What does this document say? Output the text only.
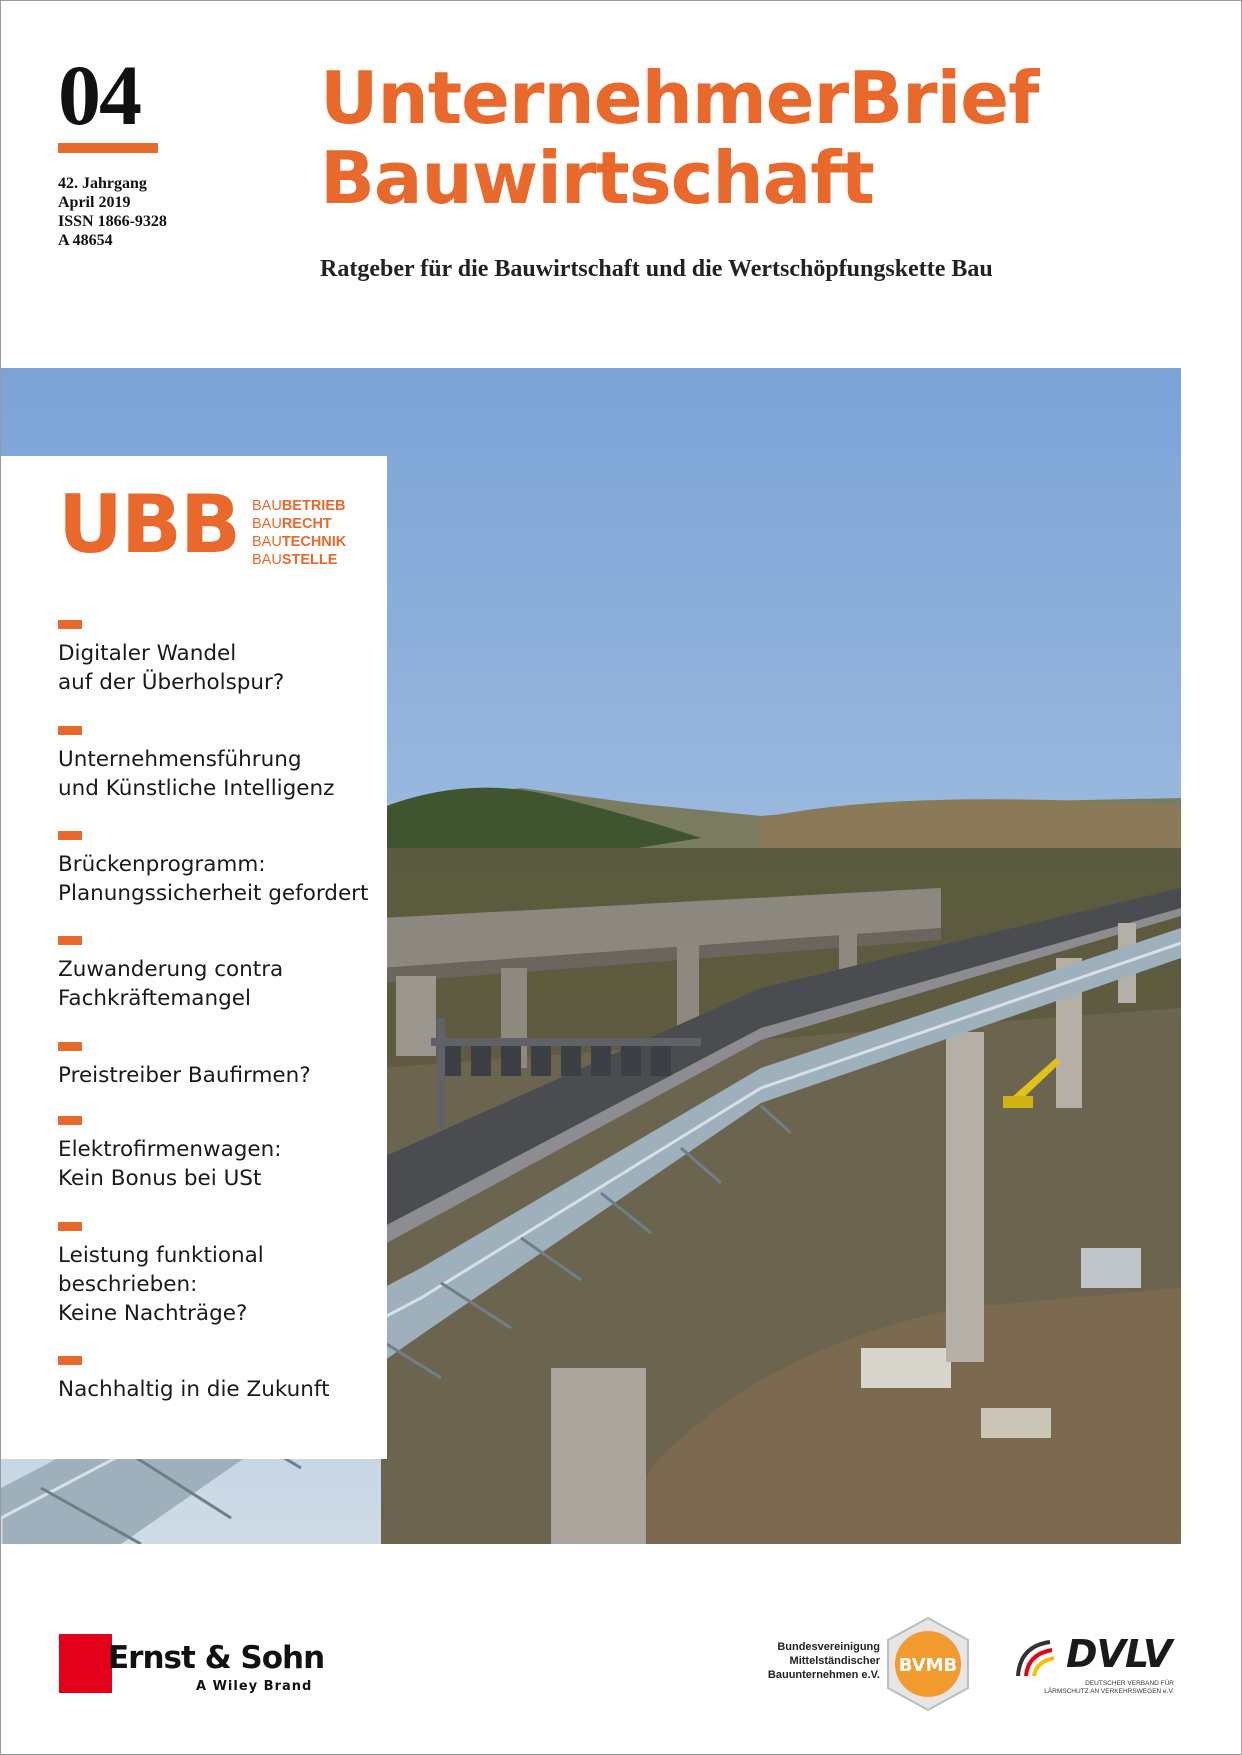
04
42. Jahrgang
April 2019
ISSN 1866-9328
A 48654
UnternehmerBrief
Bauwirtschaft
Ratgeber für die Bauwirtschaft und die Wertschöpfungskette Bau
UBB BAUBETRIEB
BAURECHT
BAUTECHNIK
BAUSTELLE
Digitaler Wandel
auf der Überholspur?
Unternehmensführung
und Künstliche Intelligenz
Brückenprogramm:
Planungssicherheit gefordert
Zuwanderung contra
Fachkräftemangel
Preistreiber Baufirmen?
Elektrofirmenwagen:
Kein Bonus bei USt
Leistung funktional
beschrieben:
Keine Nachträge?
Nachhaltig in die Zukunft
Ernst & Sohn
A Wiley Brand
Bundesvereinigung
Mittelständischer
Bauunternehmen e.V. BVMB	DVLV
DEUTSCHER VERBAND FÜR
LÄRMSCHUTZ AN VERKEHRSWEGEN e.V.
